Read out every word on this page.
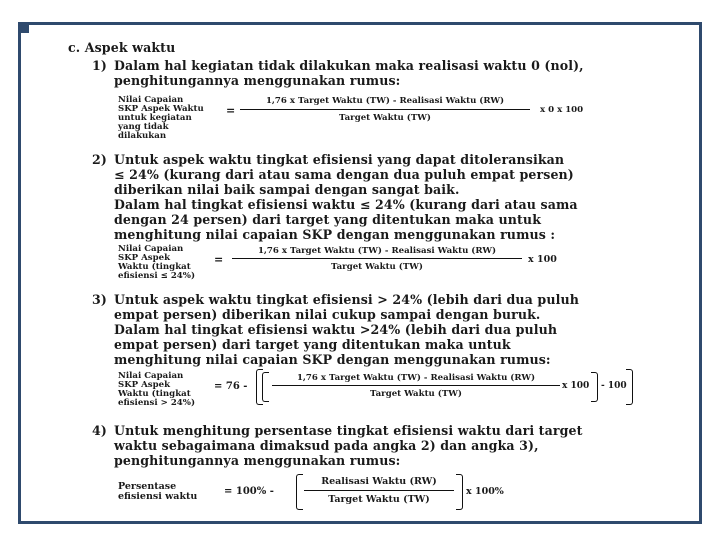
c. Aspek waktu
1) Dalam hal kegiatan tidak dilakukan maka realisasi waktu 0 (nol),
penghitungannya menggunakan rumus:
Nilai Capaian
SKP Aspek Waktu
untuk kegiatan
yang tidak
dilakukan
=
1,76 x Target Waktu (TW) - Realisasi Waktu (RW)
Target Waktu (TW)
x 0 x 100
2) Untuk aspek waktu tingkat efisiensi yang dapat ditoleransikan
≤ 24% (kurang dari atau sama dengan dua puluh empat persen)
diberikan nilai baik sampai dengan sangat baik.
Dalam hal tingkat efisiensi waktu ≤ 24% (kurang dari atau sama
dengan 24 persen) dari target yang ditentukan maka untuk
menghitung nilai capaian SKP dengan menggunakan rumus :
Nilai Capaian
SKP Aspek
Waktu (tingkat
efisiensi ≤ 24%)
=
1,76 x Target Waktu (TW) - Realisasi Waktu (RW)
Target Waktu (TW)
x 100
3) Untuk aspek waktu tingkat efisiensi > 24% (lebih dari dua puluh
empat persen) diberikan nilai cukup sampai dengan buruk.
Dalam hal tingkat efisiensi waktu >24% (lebih dari dua puluh
empat persen) dari target yang ditentukan maka untuk
menghitung nilai capaian SKP dengan menggunakan rumus:
Nilai Capaian
SKP Aspek
Waktu (tingkat
efisiensi > 24%)
= 76 -
1,76 x Target Waktu (TW) - Realisasi Waktu (RW)
Target Waktu (TW)
x 100 - 100
4) Untuk menghitung persentase tingkat efisiensi waktu dari target
waktu sebagaimana dimaksud pada angka 2) dan angka 3),
penghitungannya menggunakan rumus:
Persentase
efisiensi waktu	= 100% -
Realisasi Waktu (RW)
Target Waktu (TW)
x 100%
